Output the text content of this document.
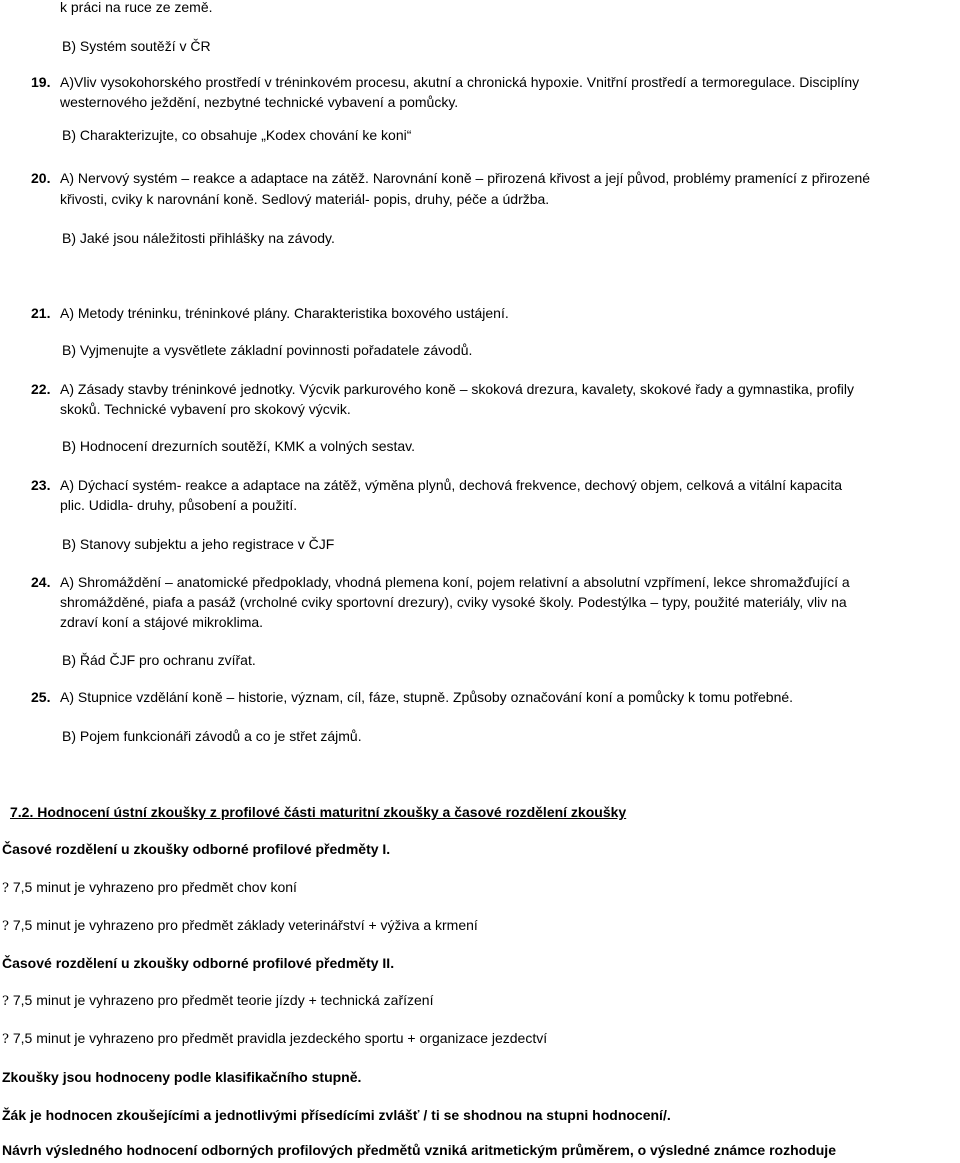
k práci na ruce ze země.
B) Systém soutěží v ČR
19. A)Vliv vysokohorského prostředí v tréninkovém procesu, akutní a chronická hypoxie. Vnitřní prostředí a termoregulace. Disciplíny
westernového ježdění, nezbytné technické vybavení a pomůcky.
B) Charakterizujte, co obsahuje „Kodex chování ke koni“
20. A) Nervový systém – reakce a adaptace na zátěž. Narovnání koně – přirozená křivost a její původ, problémy pramenící z přirozené
křivosti, cviky k narovnání koně. Sedlový materiál- popis, druhy, péče a údržba.
B) Jaké jsou náležitosti přihlášky na závody.
21. A) Metody tréninku, tréninkové plány. Charakteristika boxového ustájení.
B) Vyjmenujte a vysvětlete základní povinnosti pořadatele závodů.
22. A) Zásady stavby tréninkové jednotky. Výcvik parkurového koně – skoková drezura, kavalety, skokové řady a gymnastika, profily
skoků. Technické vybavení pro skokový výcvik.
B) Hodnocení drezurních soutěží, KMK a volných sestav.
23. A) Dýchací systém- reakce a adaptace na zátěž, výměna plynů, dechová frekvence, dechový objem, celková a vitální kapacita
plic. Udidla- druhy, působení a použití.
B) Stanovy subjektu a jeho registrace v ČJF
24. A) Shromáždění – anatomické předpoklady, vhodná plemena koní, pojem relativní a absolutní vzpřímení, lekce shromažďující a
shromážděné, piafa a pasáž (vrcholné cviky sportovní drezury), cviky vysoké školy. Podestýlka – typy, použité materiály, vliv na
zdraví koní a stájové mikroklima.
B) Řád ČJF pro ochranu zvířat.
25. A) Stupnice vzdělání koně – historie, význam, cíl, fáze, stupně. Způsoby označování koní a pomůcky k tomu potřebné.
B) Pojem funkcionáři závodů a co je střet zájmů.
7.2. Hodnocení ústní zkoušky z profilové části maturitní zkoušky a časové rozdělení zkoušky
Časové rozdělení u zkoušky odborné profilové předměty I.
? 7,5 minut je vyhrazeno pro předmět chov koní
? 7,5 minut je vyhrazeno pro předmět základy veterinářství + výživa a krmení
Časové rozdělení u zkoušky odborné profilové předměty II.
? 7,5 minut je vyhrazeno pro předmět teorie jízdy + technická zařízení
? 7,5 minut je vyhrazeno pro předmět pravidla jezdeckého sportu + organizace jezdectví
Zkoušky jsou hodnoceny podle klasifikačního stupně.
Žák je hodnocen zkoušejícími a jednotlivými přísedícími zvlášť / ti se shodnou na stupni hodnocení/.
Návrh výsledného hodnocení odborných profilových předmětů vzniká aritmetickým průměrem, o výsledné známce rozhoduje
